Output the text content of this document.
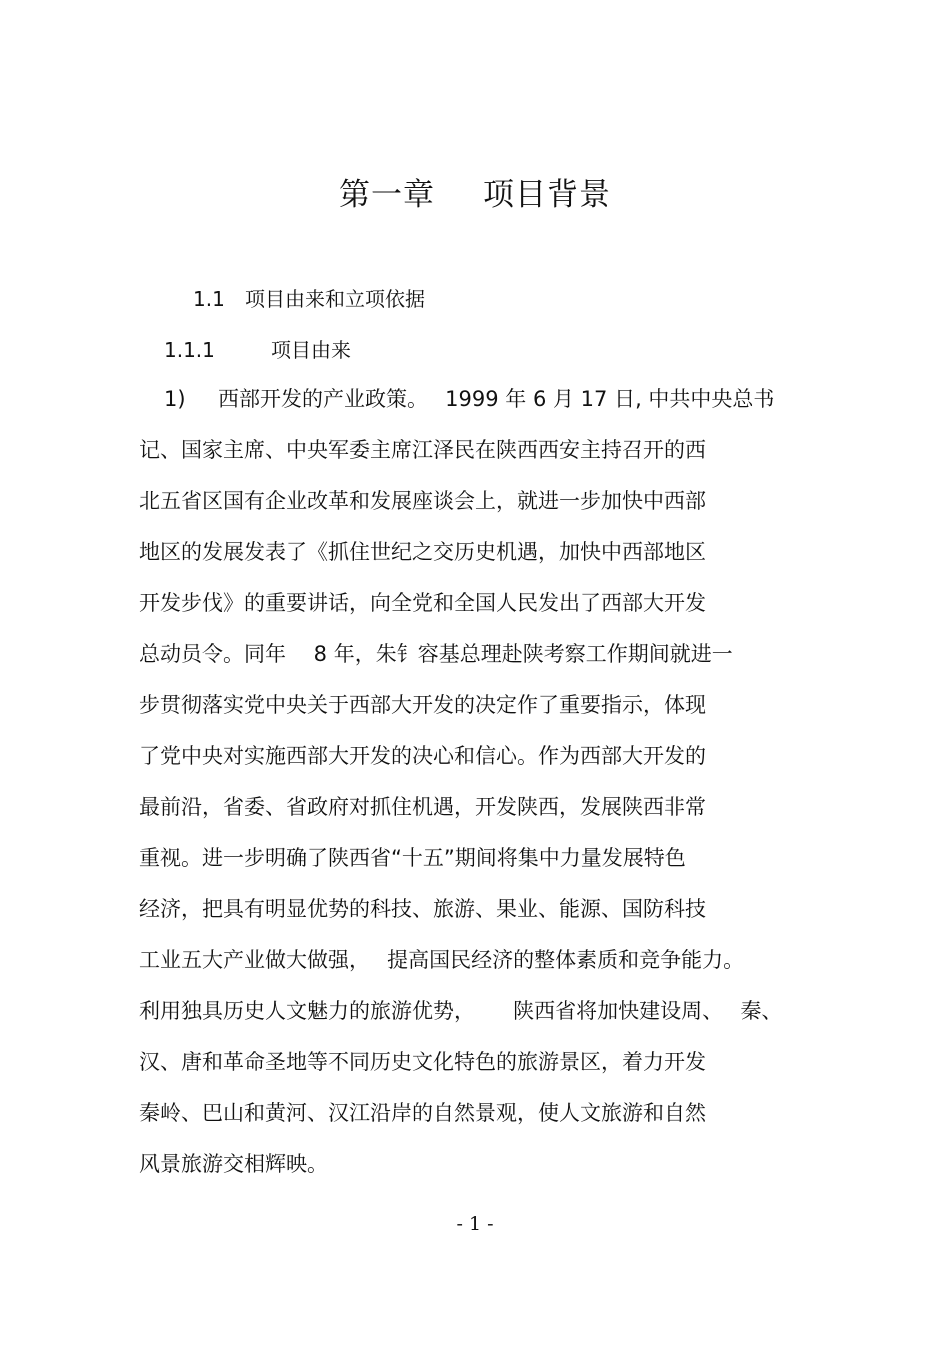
第一章 项目背景
1.1 项目由来和立项依据
1.1.1	项目由来
1) 西部开发的产业政策。　 1999 年 6 月 17 日, 中共中央总书
记、国家主席、中央军委主席江泽民在陕西西安主持召开的西
北五省区国有企业改革和发展座谈会上，就进一步加快中西部
地区的发展发表了《抓住世纪之交历史机遇，加快中西部地区
开发步伐》的重要讲话，向全党和全国人民发出了西部大开发
总动员令。同年　 8 年，朱钅容基总理赴陕考察工作期间就进一
步贯彻落实党中央关于西部大开发的决定作了重要指示，体现
了党中央对实施西部大开发的决心和信心。作为西部大开发的
最前沿，省委、省政府对抓住机遇，开发陕西，发展陕西非常
重视。进一步明确了陕西省“十五”期间将集中力量发展特色
经济，把具有明显优势的科技、旅游、果业、能源、国防科技
工业五大产业做大做强，　 提高国民经济的整体素质和竞争能力。
利用独具历史人文魅力的旅游优势，　　 陕西省将加快建设周、　 秦、
汉、唐和革命圣地等不同历史文化特色的旅游景区，着力开发
秦岭、巴山和黄河、汉江沿岸的自然景观，使人文旅游和自然
风景旅游交相辉映。
- 1 -
